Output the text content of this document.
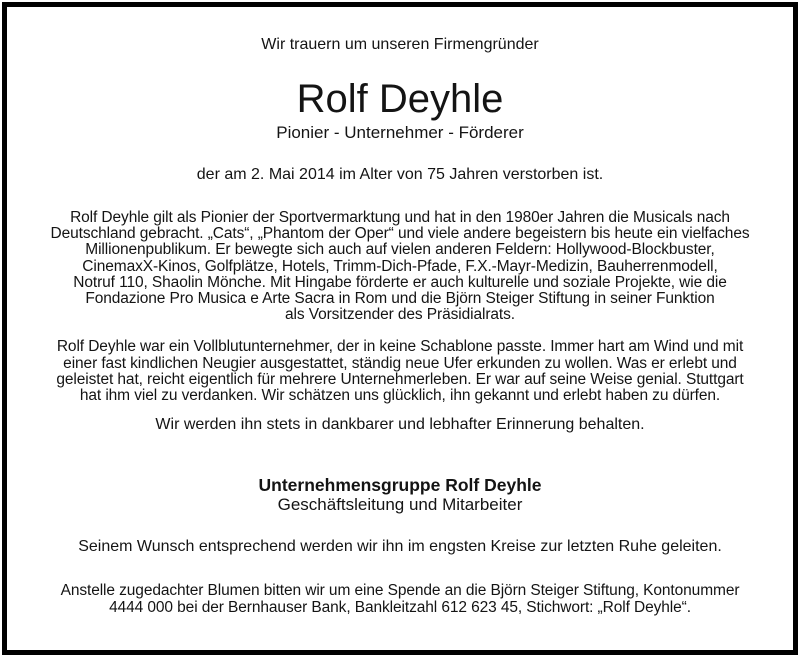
Wir trauern um unseren Firmengründer
Rolf Deyhle
Pionier - Unternehmer - Förderer
der am 2. Mai 2014 im Alter von 75 Jahren verstorben ist.
Rolf Deyhle gilt als Pionier der Sportvermarktung und hat in den 1980er Jahren die Musicals nach
Deutschland gebracht. „Cats“, „Phantom der Oper“ und viele andere begeistern bis heute ein vielfaches
Millionenpublikum. Er bewegte sich auch auf vielen anderen Feldern: Hollywood-Blockbuster,
CinemaxX-Kinos, Golfplätze, Hotels, Trimm-Dich-Pfade, F.X.-Mayr-Medizin, Bauherrenmodell,
Notruf 110, Shaolin Mönche. Mit Hingabe förderte er auch kulturelle und soziale Projekte, wie die
Fondazione Pro Musica e Arte Sacra in Rom und die Björn Steiger Stiftung in seiner Funktion
als Vorsitzender des Präsidialrats.
Rolf Deyhle war ein Vollblutunternehmer, der in keine Schablone passte. Immer hart am Wind und mit
einer fast kindlichen Neugier ausgestattet, ständig neue Ufer erkunden zu wollen. Was er erlebt und
geleistet hat, reicht eigentlich für mehrere Unternehmerleben. Er war auf seine Weise genial. Stuttgart
hat ihm viel zu verdanken. Wir schätzen uns glücklich, ihn gekannt und erlebt haben zu dürfen.
Wir werden ihn stets in dankbarer und lebhafter Erinnerung behalten.
Unternehmensgruppe Rolf Deyhle
Geschäftsleitung und Mitarbeiter
Seinem Wunsch entsprechend werden wir ihn im engsten Kreise zur letzten Ruhe geleiten.
Anstelle zugedachter Blumen bitten wir um eine Spende an die Björn Steiger Stiftung, Kontonummer
4444 000 bei der Bernhauser Bank, Bankleitzahl 612 623 45, Stichwort: „Rolf Deyhle“.
